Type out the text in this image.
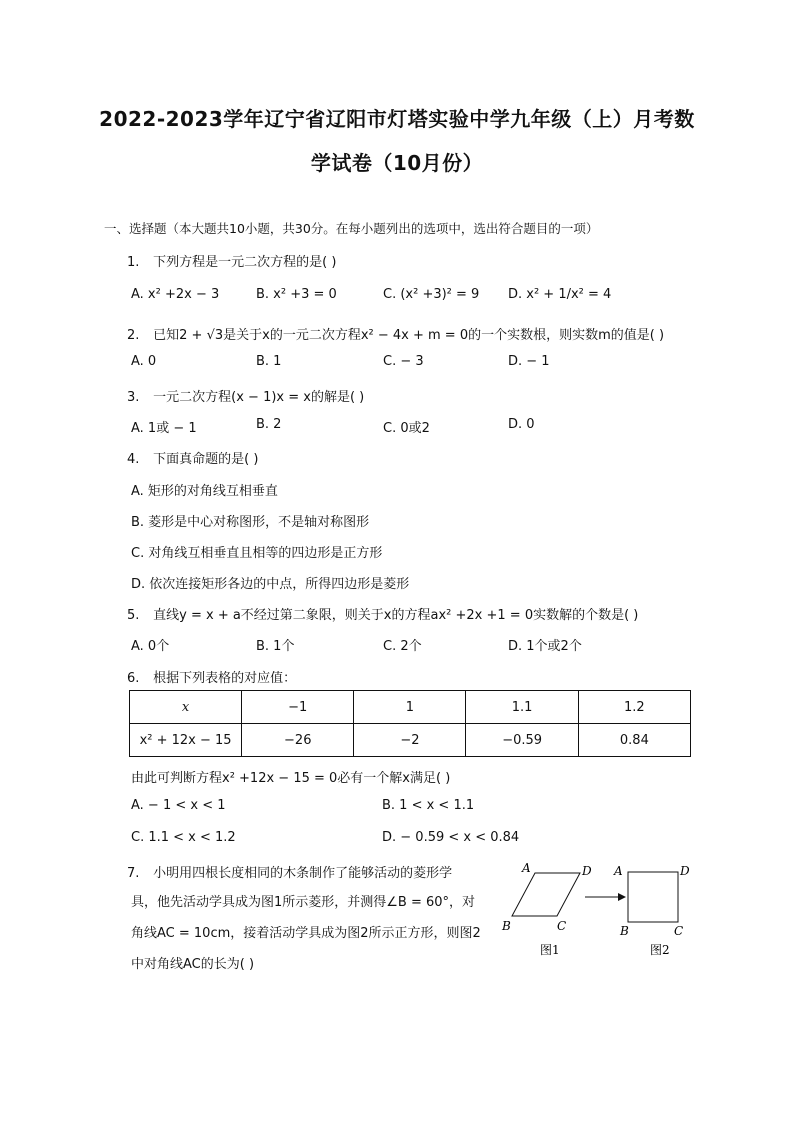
2022-2023学年辽宁省辽阳市灯塔实验中学九年级（上）月考数
学试卷（10月份）
一、选择题（本大题共10小题，共30分。在每小题列出的选项中，选出符合题目的一项）
1. 下列方程是一元二次方程的是( )
A. x² +2x − 3	B. x² +3 = 0	C. (x² +3)² = 9 D. x² + 1/x² = 4
2. 已知2 + √3是关于x的一元二次方程x² − 4x + m = 0的一个实数根，则实数m的值是( )
A. 0	B. 1	C. − 3	D. − 1
3. 一元二次方程(x − 1)x = x的解是( )
A. 1或 − 1	B. 2	C. 0或2	D. 0
4. 下面真命题的是( )
A. 矩形的对角线互相垂直
B. 菱形是中心对称图形，不是轴对称图形
C. 对角线互相垂直且相等的四边形是正方形
D. 依次连接矩形各边的中点，所得四边形是菱形
5. 直线y = x + a不经过第二象限，则关于x的方程ax² +2x +1 = 0实数解的个数是( )
A. 0个	B. 1个	C. 2个	D. 1个或2个
6. 根据下列表格的对应值：
x	−1	1	1.1	1.2
x² + 12x − 15	−26	−2	−0.59	0.84
由此可判断方程x² +12x − 15 = 0必有一个解x满足( )
A. − 1 < x < 1	B. 1 < x < 1.1
C. 1.1 < x < 1.2	D. − 0.59 < x < 0.84
7. 小明用四根长度相同的木条制作了能够活动的菱形学
具，他先活动学具成为图1所示菱形，并测得∠B = 60°，对
角线AC = 10cm，接着活动学具成为图2所示正方形，则图2
中对角线AC的长为( )
A	D
B	C
图1
A	D
B	C
图2
